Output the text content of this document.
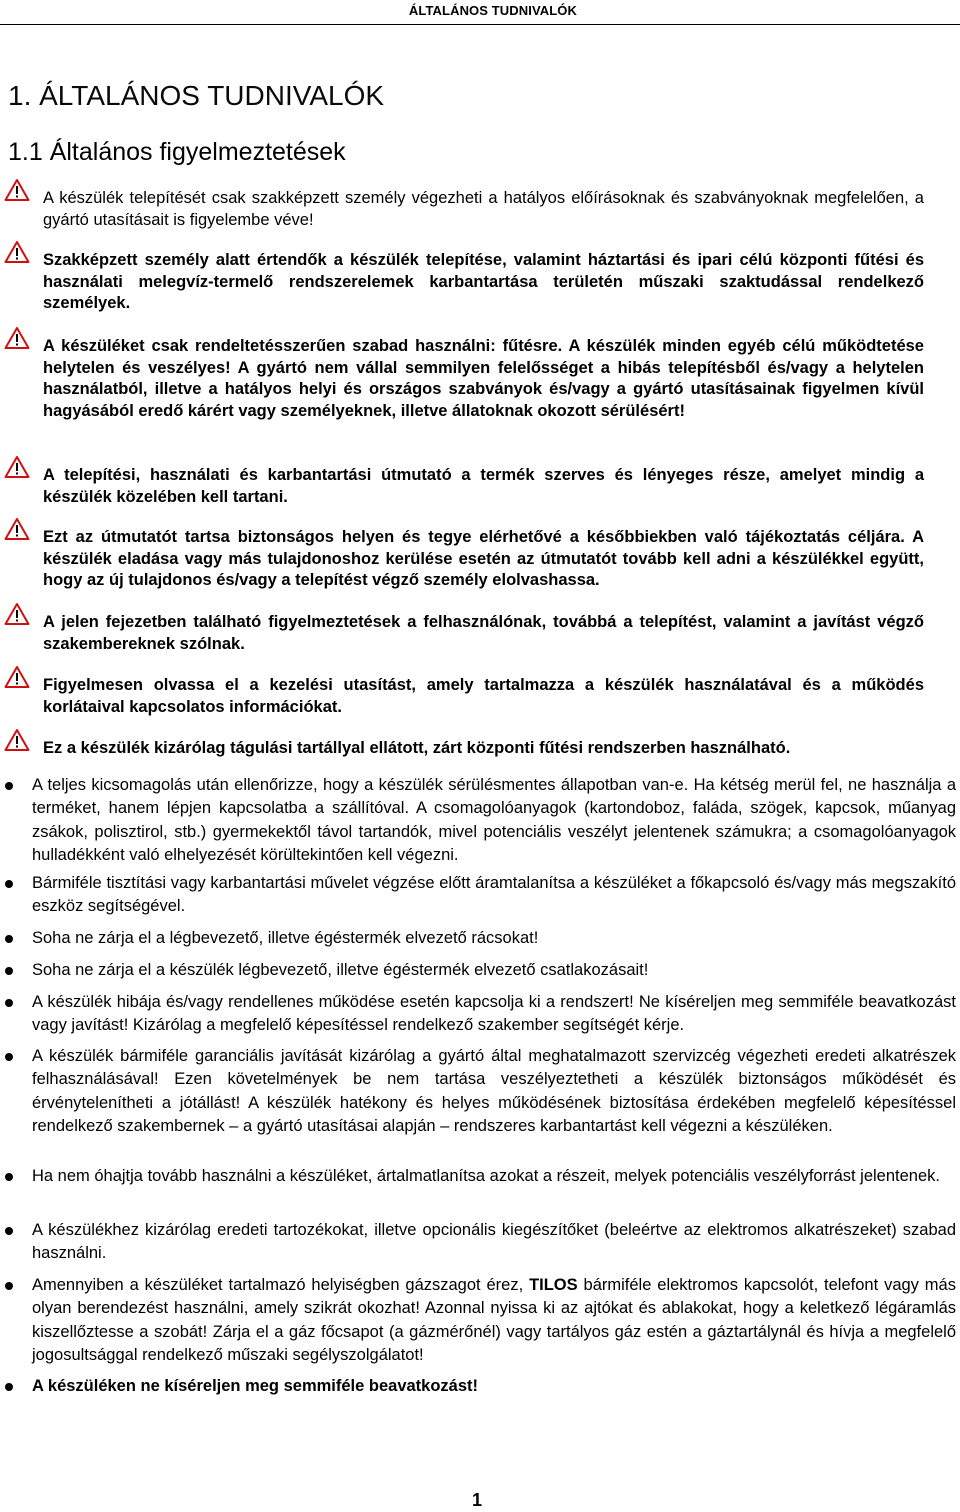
ÁLTALÁNOS TUDNIVALÓK
1. ÁLTALÁNOS TUDNIVALÓK
1.1 Általános figyelmeztetések

A készülék telepítését csak szakképzett személy végezheti a hatályos előírásoknak és szabványoknak megfelelően, a gyártó utasításait is figyelembe véve!

Szakképzett személy alatt értendők a készülék telepítése, valamint háztartási és ipari célú központi fűtési és használati melegvíz-termelő rendszerelemek karbantartása területén műszaki szaktudással rendelkező személyek.

A készüléket csak rendeltetésszerűen szabad használni: fűtésre. A készülék minden egyéb célú működtetése helytelen és veszélyes! A gyártó nem vállal semmilyen felelősséget a hibás telepítésből és/vagy a helytelen használatból, illetve a hatályos helyi és országos szabványok és/vagy a gyártó utasításainak figyelmen kívül hagyásából eredő kárért vagy személyeknek, illetve állatoknak okozott sérülésért!

A telepítési, használati és karbantartási útmutató a termék szerves és lényeges része, amelyet mindig a készülék közelében kell tartani.

Ezt az útmutatót tartsa biztonságos helyen és tegye elérhetővé a későbbiekben való tájékoztatás céljára. A készülék eladása vagy más tulajdonoshoz kerülése esetén az útmutatót tovább kell adni a készülékkel együtt, hogy az új tulajdonos és/vagy a telepítést végző személy elolvashassa.

A jelen fejezetben található figyelmeztetések a felhasználónak, továbbá a telepítést, valamint a javítást végző szakembereknek szólnak.

Figyelmesen olvassa el a kezelési utasítást, amely tartalmazza a készülék használatával és a működés korlátaival kapcsolatos információkat.

Ez a készülék kizárólag tágulási tartállyal ellátott, zárt központi fűtési rendszerben használható.

A teljes kicsomagolás után ellenőrizze, hogy a készülék sérülésmentes állapotban van-e. Ha kétség merül fel, ne használja a terméket, hanem lépjen kapcsolatba a szállítóval. A csomagolóanyagok (kartondoboz, faláda, szögek, kapcsok, műanyag zsákok, polisztirol, stb.) gyermekektől távol tartandók, mivel potenciális veszélyt jelentenek számukra; a csomagolóanyagok hulladékként való elhelyezését körültekintően kell végezni.

Bármiféle tisztítási vagy karbantartási művelet végzése előtt áramtalanítsa a készüléket a főkapcsoló és/vagy más megszakító eszköz segítségével.

Soha ne zárja el a légbevezető, illetve égéstermék elvezető rácsokat!

Soha ne zárja el a készülék légbevezető, illetve égéstermék elvezető csatlakozásait!

A készülék hibája és/vagy rendellenes működése esetén kapcsolja ki a rendszert! Ne kíséreljen meg semmiféle beavatkozást vagy javítást! Kizárólag a megfelelő képesítéssel rendelkező szakember segítségét kérje.

A készülék bármiféle garanciális javítását kizárólag a gyártó által meghatalmazott szervizcég végezheti eredeti alkatrészek felhasználásával! Ezen követelmények be nem tartása veszélyeztetheti a készülék biztonságos működését és érvénytelenítheti a jótállást! A készülék hatékony és helyes működésének biztosítása érdekében megfelelő képesítéssel rendelkező szakembernek – a gyártó utasításai alapján – rendszeres karbantartást kell végezni a készüléken.

Ha nem óhajtja tovább használni a készüléket, ártalmatlanítsa azokat a részeit, melyek potenciális veszélyforrást jelentenek.

A készülékhez kizárólag eredeti tartozékokat, illetve opcionális kiegészítőket (beleértve az elektromos alkatrészeket) szabad használni.

Amennyiben a készüléket tartalmazó helyiségben gázszagot érez, TILOS bármiféle elektromos kapcsolót, telefont vagy más olyan berendezést használni, amely szikrát okozhat! Azonnal nyissa ki az ajtókat és ablakokat, hogy a keletkező légáramlás kiszellőztesse a szobát! Zárja el a gáz főcsapot (a gázmérőnél) vagy tartályos gáz estén a gáztartálynál és hívja a megfelelő jogosultsággal rendelkező műszaki segélyszolgálatot!

A készüléken ne kíséreljen meg semmiféle beavatkozást!

1
